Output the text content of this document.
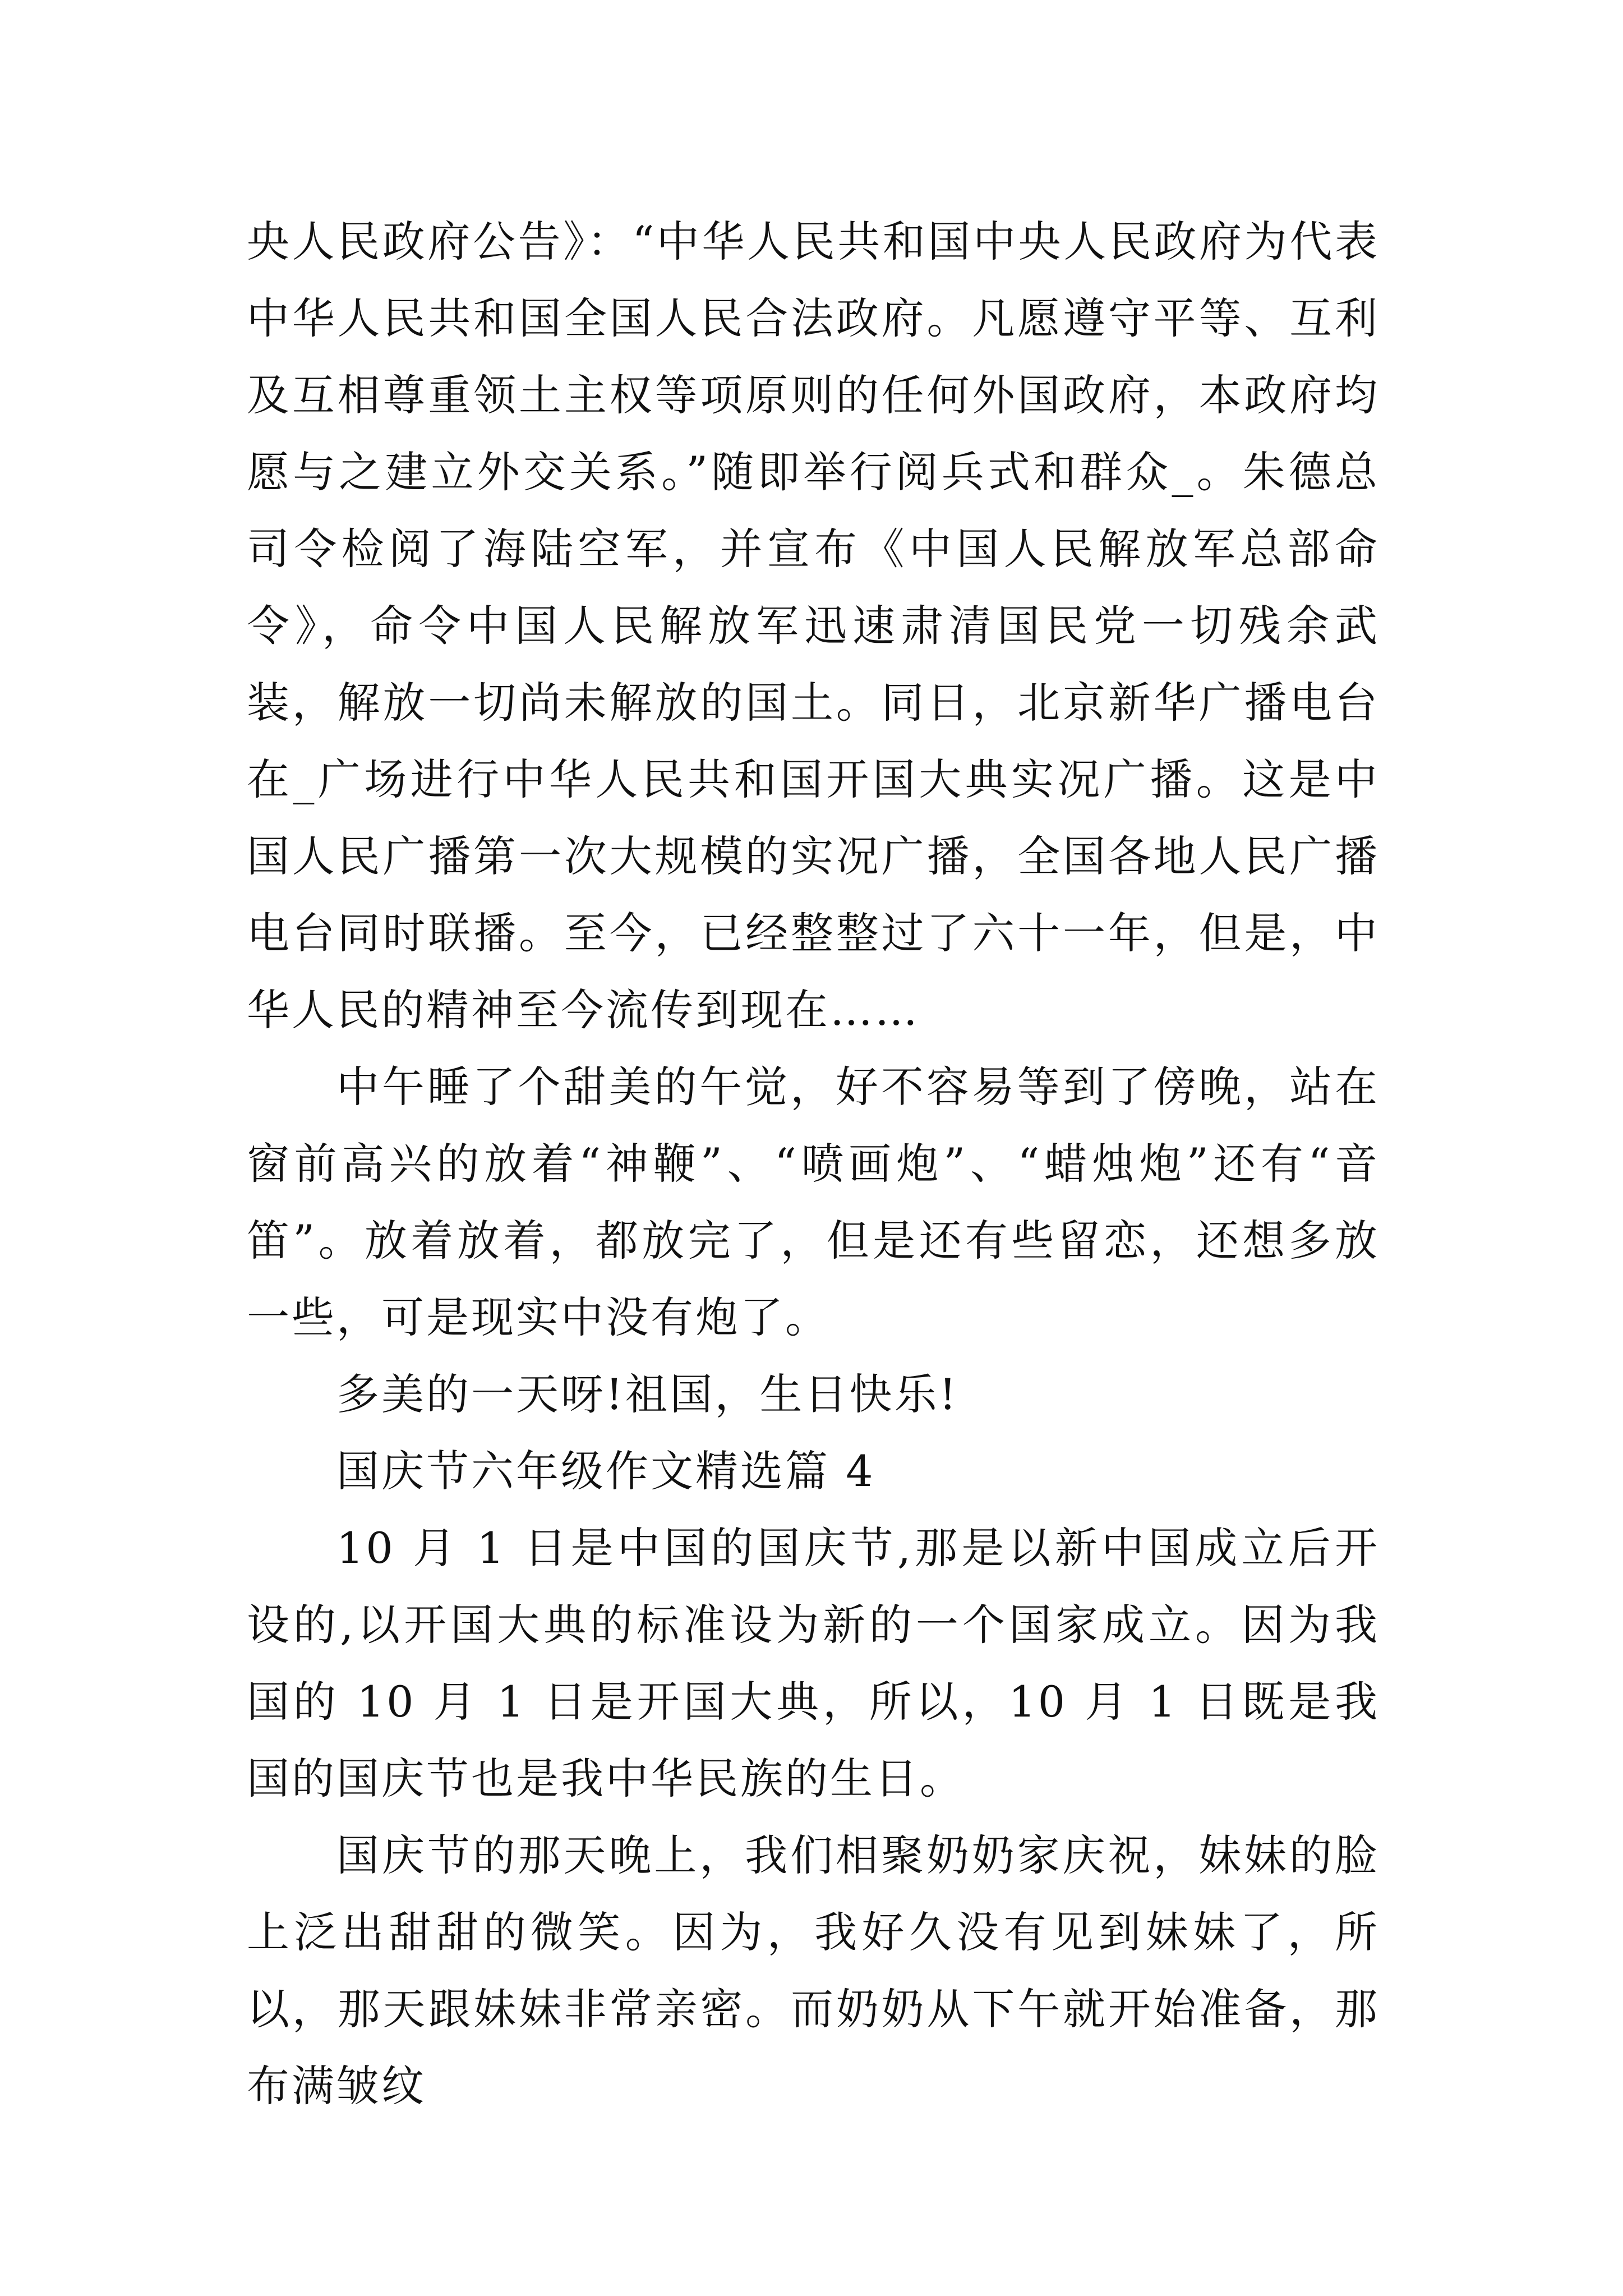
央人民政府公告》：“中华人民共和国中央人民政府为代表中华人民共和国全国人民合法政府。凡愿遵守平等、互利及互相尊重领土主权等项原则的任何外国政府，本政府均愿与之建立外交关系。”随即举行阅兵式和群众_。朱德总司令检阅了海陆空军，并宣布《中国人民解放军总部命令》，命令中国人民解放军迅速肃清国民党一切残余武装，解放一切尚未解放的国土。同日，北京新华广播电台在_广场进行中华人民共和国开国大典实况广播。这是中国人民广播第一次大规模的实况广播，全国各地人民广播电台同时联播。至今，已经整整过了六十一年，但是，中华人民的精神至今流传到现在……

中午睡了个甜美的午觉，好不容易等到了傍晚，站在窗前高兴的放着“神鞭”、“喷画炮”、“蜡烛炮”还有“音笛”。放着放着，都放完了，但是还有些留恋，还想多放一些，可是现实中没有炮了。

多美的一天呀!祖国，生日快乐!

国庆节六年级作文精选篇 4

10 月 1 日是中国的国庆节,那是以新中国成立后开设的,以开国大典的标准设为新的一个国家成立。因为我国的 10 月 1 日是开国大典，所以，10 月 1 日既是我国的国庆节也是我中华民族的生日。

国庆节的那天晚上，我们相聚奶奶家庆祝，妹妹的脸上泛出甜甜的微笑。因为，我好久没有见到妹妹了，所以，那天跟妹妹非常亲密。而奶奶从下午就开始准备，那布满皱纹
